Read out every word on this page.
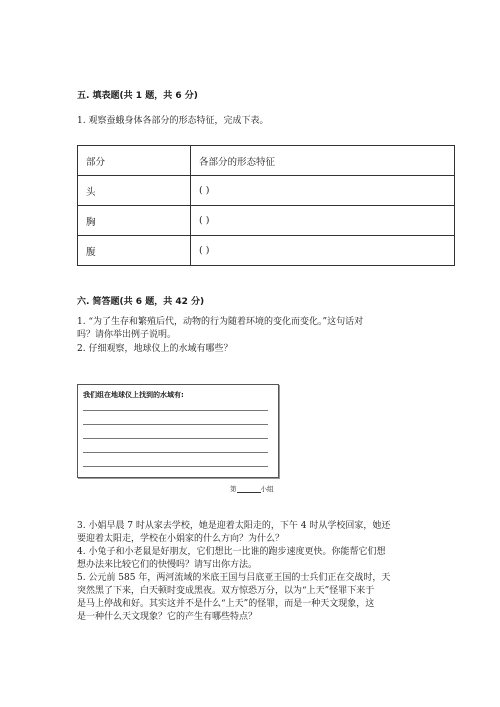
五. 填表题(共 1 题，共 6 分)
1. 观察蚕蛾身体各部分的形态特征，完成下表。
部分	各部分的形态特征
头	( )
胸	( )
腹	( )
六. 简答题(共 6 题，共 42 分)
1. “为了生存和繁殖后代，动物的行为随着环境的变化而变化。”这句话对
吗？请你举出例子说明。
2. 仔细观察，地球仪上的水域有哪些？
我们组在地球仪上找到的水域有:
第	小组
3. 小娟早晨 7 时从家去学校，她是迎着太阳走的，下午 4 时从学校回家，她还
要迎着太阳走，学校在小娟家的什么方向？为什么？
4. 小兔子和小老鼠是好朋友，它们想比一比谁的跑步速度更快。你能帮它们想
想办法来比较它们的快慢吗？请写出你方法。
5. 公元前 585 年，两河流域的米底王国与吕底亚王国的士兵们正在交战时，天
突然黑了下来，白天顿时变成黑夜。双方惊恐万分，以为“上天”怪罪下来于
是马上停战和好。其实这并不是什么“上天”的怪罪，而是一种天文现象，这
是一种什么天文现象？它的产生有哪些特点？
